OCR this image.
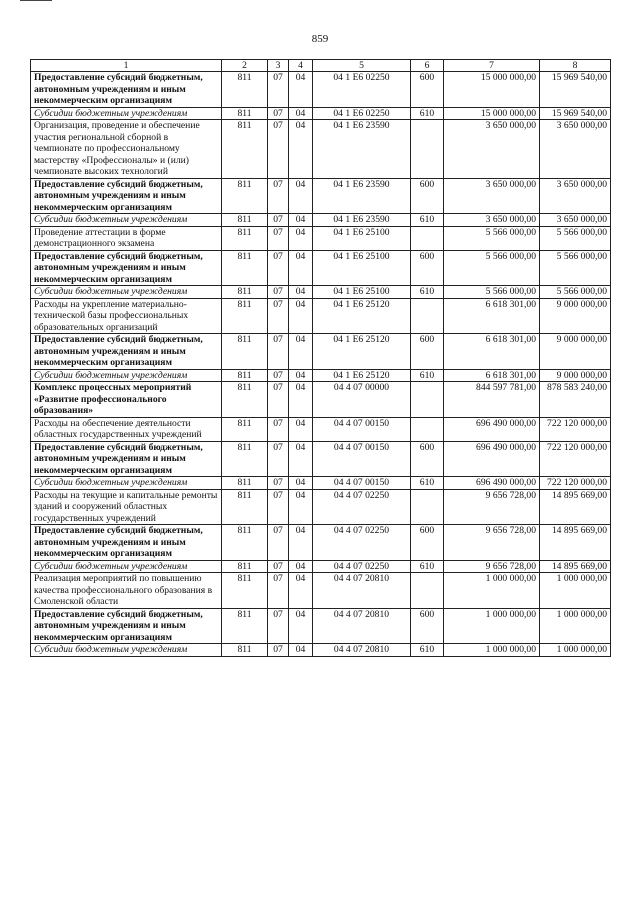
859
1	2	3	4	5	6	7	8
Предоставление субсидий бюджетным, автономным учреждениям и иным некоммерческим организациям	811	07	04	04 1 Е6 02250	600	15 000 000,00	15 969 540,00
Субсидии бюджетным учреждениям	811	07	04	04 1 Е6 02250	610	15 000 000,00	15 969 540,00
Организация, проведение и обеспечение участия региональной сборной в чемпионате по профессиональному мастерству «Профессионалы» и (или) чемпионате высоких технологий	811	07	04	04 1 Е6 23590		3 650 000,00	3 650 000,00
Предоставление субсидий бюджетным, автономным учреждениям и иным некоммерческим организациям	811	07	04	04 1 Е6 23590	600	3 650 000,00	3 650 000,00
Субсидии бюджетным учреждениям	811	07	04	04 1 Е6 23590	610	3 650 000,00	3 650 000,00
Проведение аттестации в форме демонстрационного экзамена	811	07	04	04 1 Е6 25100		5 566 000,00	5 566 000,00
Предоставление субсидий бюджетным, автономным учреждениям и иным некоммерческим организациям	811	07	04	04 1 Е6 25100	600	5 566 000,00	5 566 000,00
Субсидии бюджетным учреждениям	811	07	04	04 1 Е6 25100	610	5 566 000,00	5 566 000,00
Расходы на укрепление материально-технической базы профессиональных образовательных организаций	811	07	04	04 1 Е6 25120		6 618 301,00	9 000 000,00
Предоставление субсидий бюджетным, автономным учреждениям и иным некоммерческим организациям	811	07	04	04 1 Е6 25120	600	6 618 301,00	9 000 000,00
Субсидии бюджетным учреждениям	811	07	04	04 1 Е6 25120	610	6 618 301,00	9 000 000,00
Комплекс процессных мероприятий «Развитие профессионального образования»	811	07	04	04 4 07 00000		844 597 781,00	878 583 240,00
Расходы на обеспечение деятельности областных государственных учреждений	811	07	04	04 4 07 00150		696 490 000,00	722 120 000,00
Предоставление субсидий бюджетным, автономным учреждениям и иным некоммерческим организациям	811	07	04	04 4 07 00150	600	696 490 000,00	722 120 000,00
Субсидии бюджетным учреждениям	811	07	04	04 4 07 00150	610	696 490 000,00	722 120 000,00
Расходы на текущие и капитальные ремонты зданий и сооружений областных государственных учреждений	811	07	04	04 4 07 02250		9 656 728,00	14 895 669,00
Предоставление субсидий бюджетным, автономным учреждениям и иным некоммерческим организациям	811	07	04	04 4 07 02250	600	9 656 728,00	14 895 669,00
Субсидии бюджетным учреждениям	811	07	04	04 4 07 02250	610	9 656 728,00	14 895 669,00
Реализация мероприятий по повышению качества профессионального образования в Смоленской области	811	07	04	04 4 07 20810		1 000 000,00	1 000 000,00
Предоставление субсидий бюджетным, автономным учреждениям и иным некоммерческим организациям	811	07	04	04 4 07 20810	600	1 000 000,00	1 000 000,00
Субсидии бюджетным учреждениям	811	07	04	04 4 07 20810	610	1 000 000,00	1 000 000,00
